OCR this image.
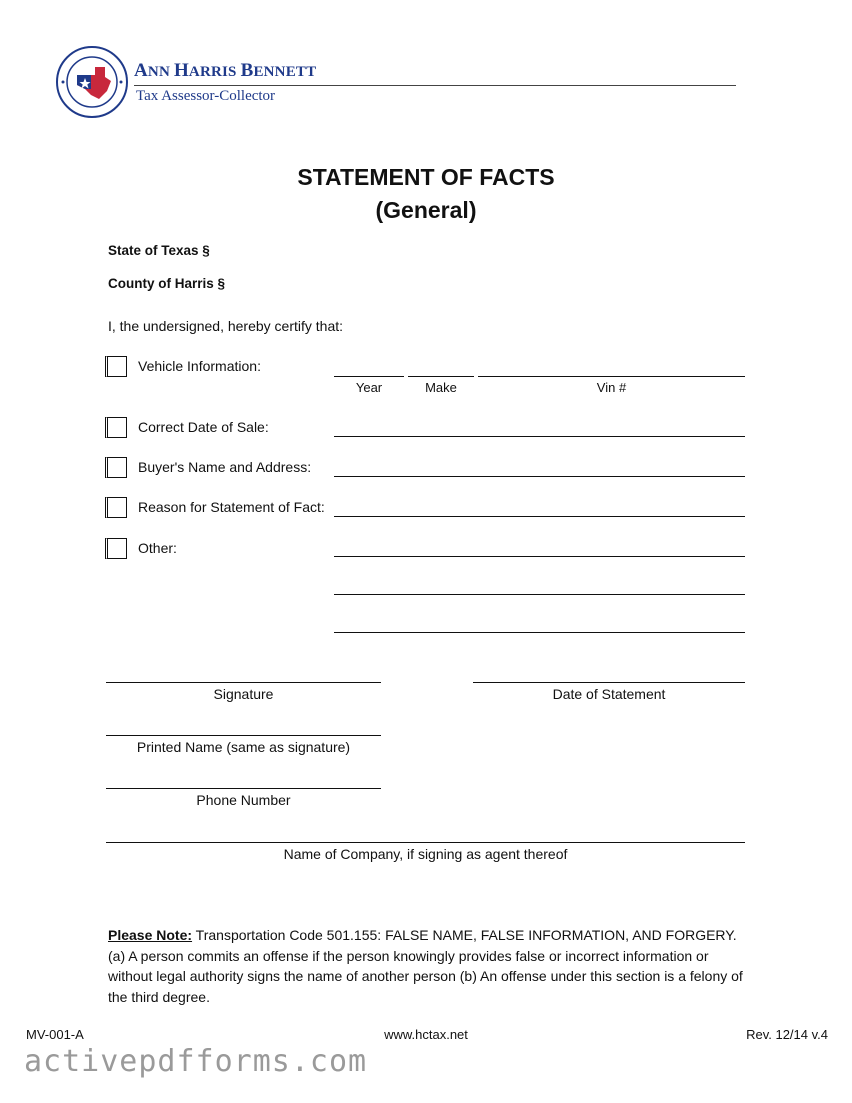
ANN HARRIS BENNETT
Tax Assessor-Collector
STATEMENT OF FACTS
(General)
State of Texas §
County of Harris §
I, the undersigned, hereby certify that:
Vehicle Information:
Year	Make	Vin #
Correct Date of Sale:
Buyer's Name and Address:
Reason for Statement of Fact:
Other:
Signature	Date of Statement
Printed Name (same as signature)
Phone Number
Name of Company, if signing as agent thereof
Please Note: Transportation Code 501.155: FALSE NAME, FALSE INFORMATION, AND FORGERY. (a) A person commits an offense if the person knowingly provides false or incorrect information or without legal authority signs the name of another person (b) An offense under this section is a felony of the third degree.
MV-001-A	www.hctax.net	Rev. 12/14 v.4
activepdfforms.com
